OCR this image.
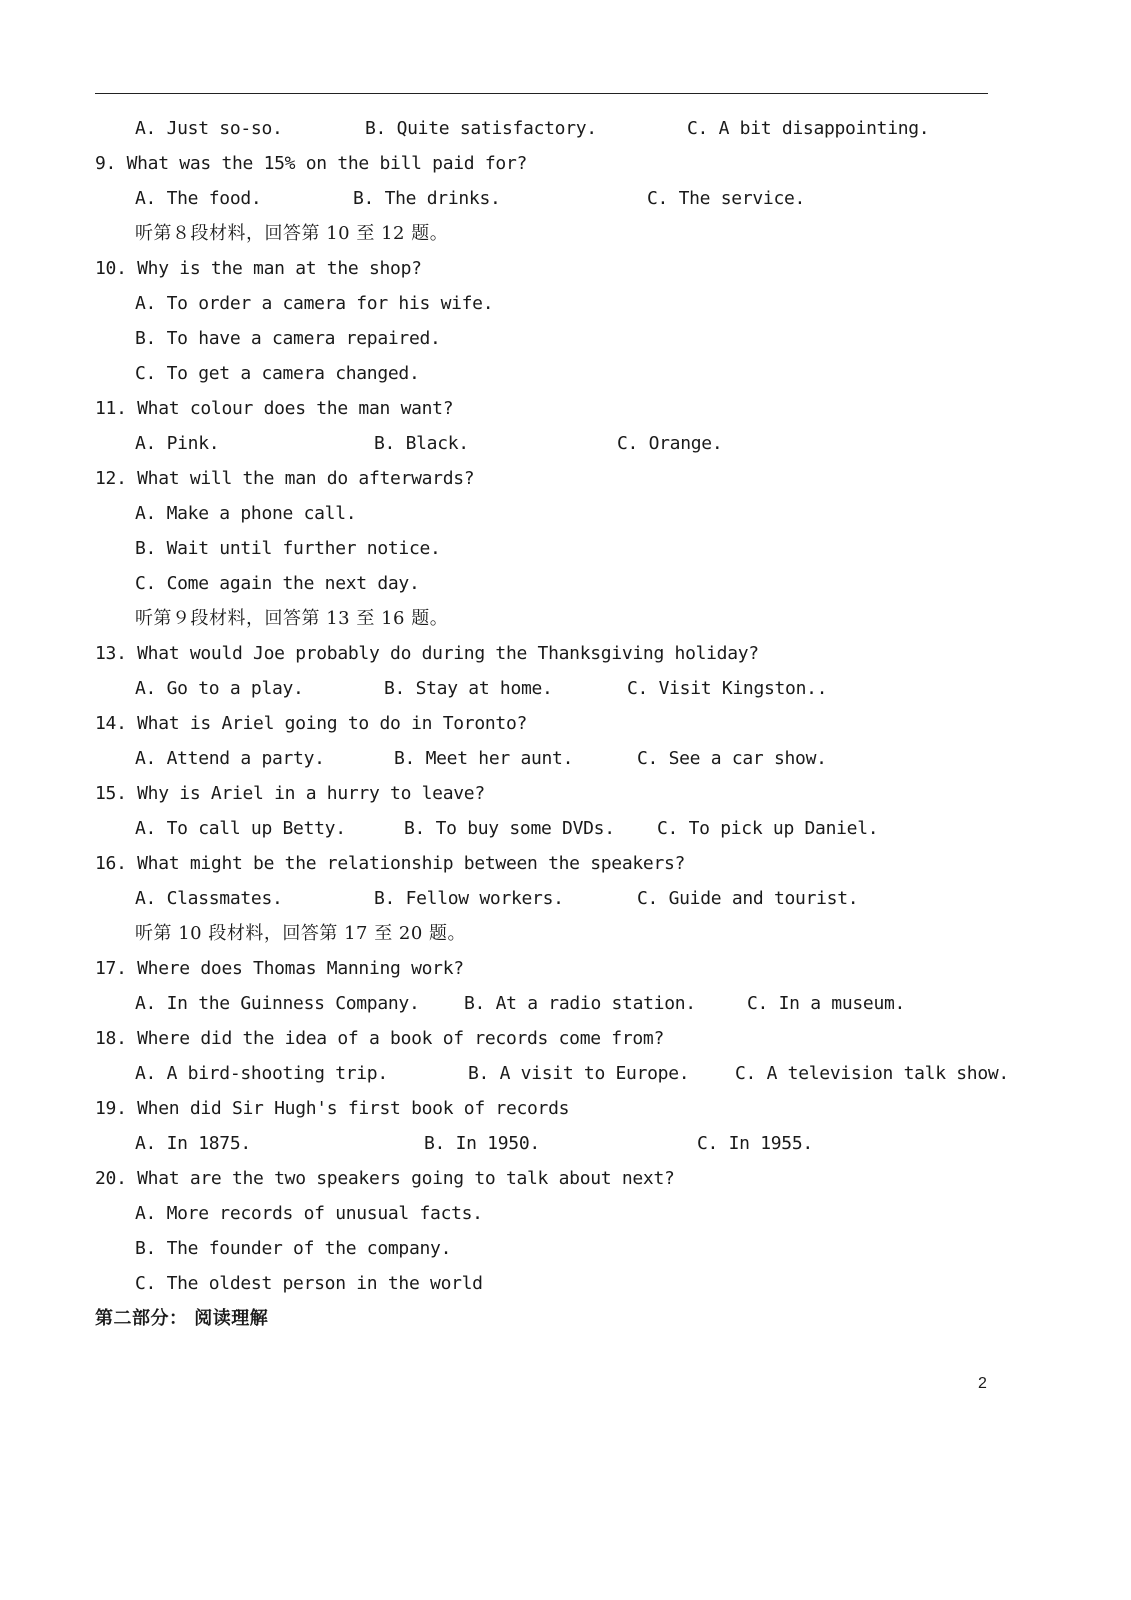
A. Just so-so.	B. Quite satisfactory.	C. A bit disappointing.
9. What was the 15% on the bill paid for?
A. The food.	B. The drinks.	C. The service.
听第８段材料，回答第 10 至 12 题。
10. Why is the man at the shop?
A. To order a camera for his wife.
B. To have a camera repaired.
C. To get a camera changed.
11. What colour does the man want?
A. Pink.	B. Black.	C. Orange.
12. What will the man do afterwards?
A. Make a phone call.
B. Wait until further notice.
C. Come again the next day.
听第９段材料，回答第 13 至 16 题。
13. What would Joe probably do during the Thanksgiving holiday?
A. Go to a play.	B. Stay at home.	C. Visit Kingston..
14. What is Ariel going to do in Toronto?
A. Attend a party.	B. Meet her aunt.	C. See a car show.
15. Why is Ariel in a hurry to leave?
A. To call up Betty.	B. To buy some DVDs. C. To pick up Daniel.
16. What might be the relationship between the speakers?
A. Classmates.	B. Fellow workers.	C. Guide and tourist.
听第 10 段材料，回答第 17 至 20 题。
17. Where does Thomas Manning work?
A. In the Guinness Company. B. At a radio station.	C. In a museum.
18. Where did the idea of a book of records come from?
A. A bird-shooting trip.	B. A visit to Europe.	C. A television talk show.
19. When did Sir Hugh's first book of records
A. In 1875.	B. In 1950.	C. In 1955.
20. What are the two speakers going to talk about next?
A. More records of unusual facts.
B. The founder of the company.
C. The oldest person in the world
第二部分： 阅读理解
2
